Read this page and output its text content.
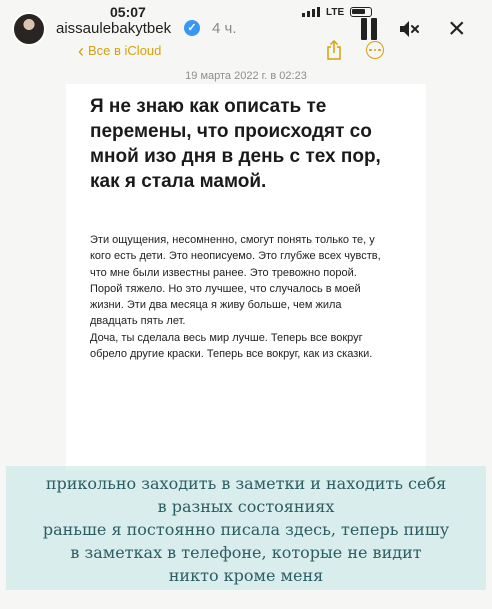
05:07	LTE
aissaulebakytbek	✓ 4 ч.	×
‹ Все в iCloud
19 марта 2022 г. в 02:23
Я не знаю как описать те перемены, что происходят со мной изо дня в день с тех пор, как я стала мамой.

Эти ощущения, несомненно, смогут понять только те, у кого есть дети. Это неописуемо. Это глубже всех чувств, что мне были известны ранее. Это тревожно порой. Порой тяжело. Но это лучшее, что случалось в моей жизни. Эти два месяца я живу больше, чем жила двадцать пять лет.

Доча, ты сделала весь мир лучше. Теперь все вокруг обрело другие краски. Теперь все вокруг, как из сказки.

прикольно заходить в заметки и находить себя
в разных состояниях
раньше я постоянно писала здесь, теперь пишу
в заметках в телефоне, которые не видит
никто кроме меня
